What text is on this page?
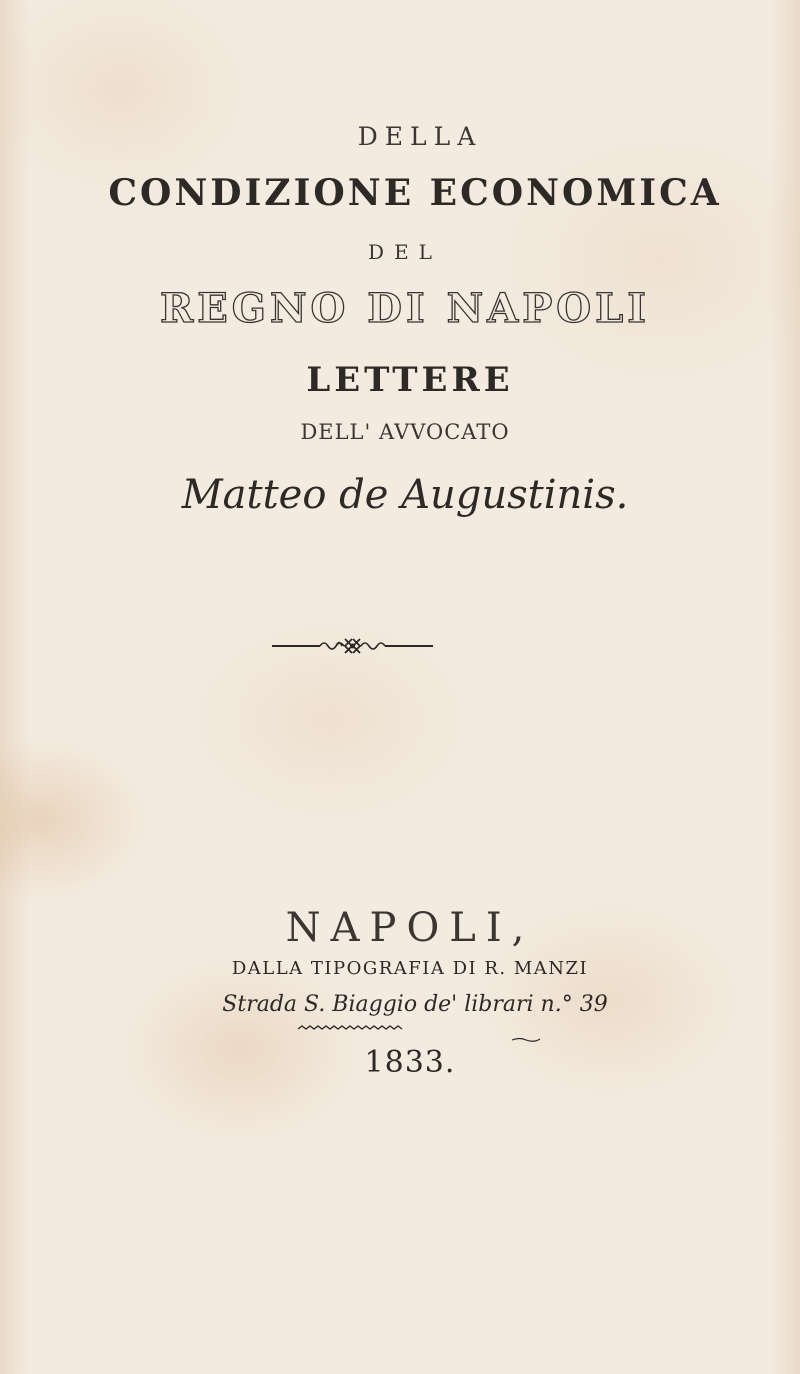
DELLA
CONDIZIONE ECONOMICA
DEL
REGNO DI NAPOLI
LETTERE
DELL' AVVOCATO
Matteo de Augustinis.
NAPOLI,
DALLA TIPOGRAFIA DI R. MANZI
Strada S. Biaggio de' librari n.° 39
1833.
